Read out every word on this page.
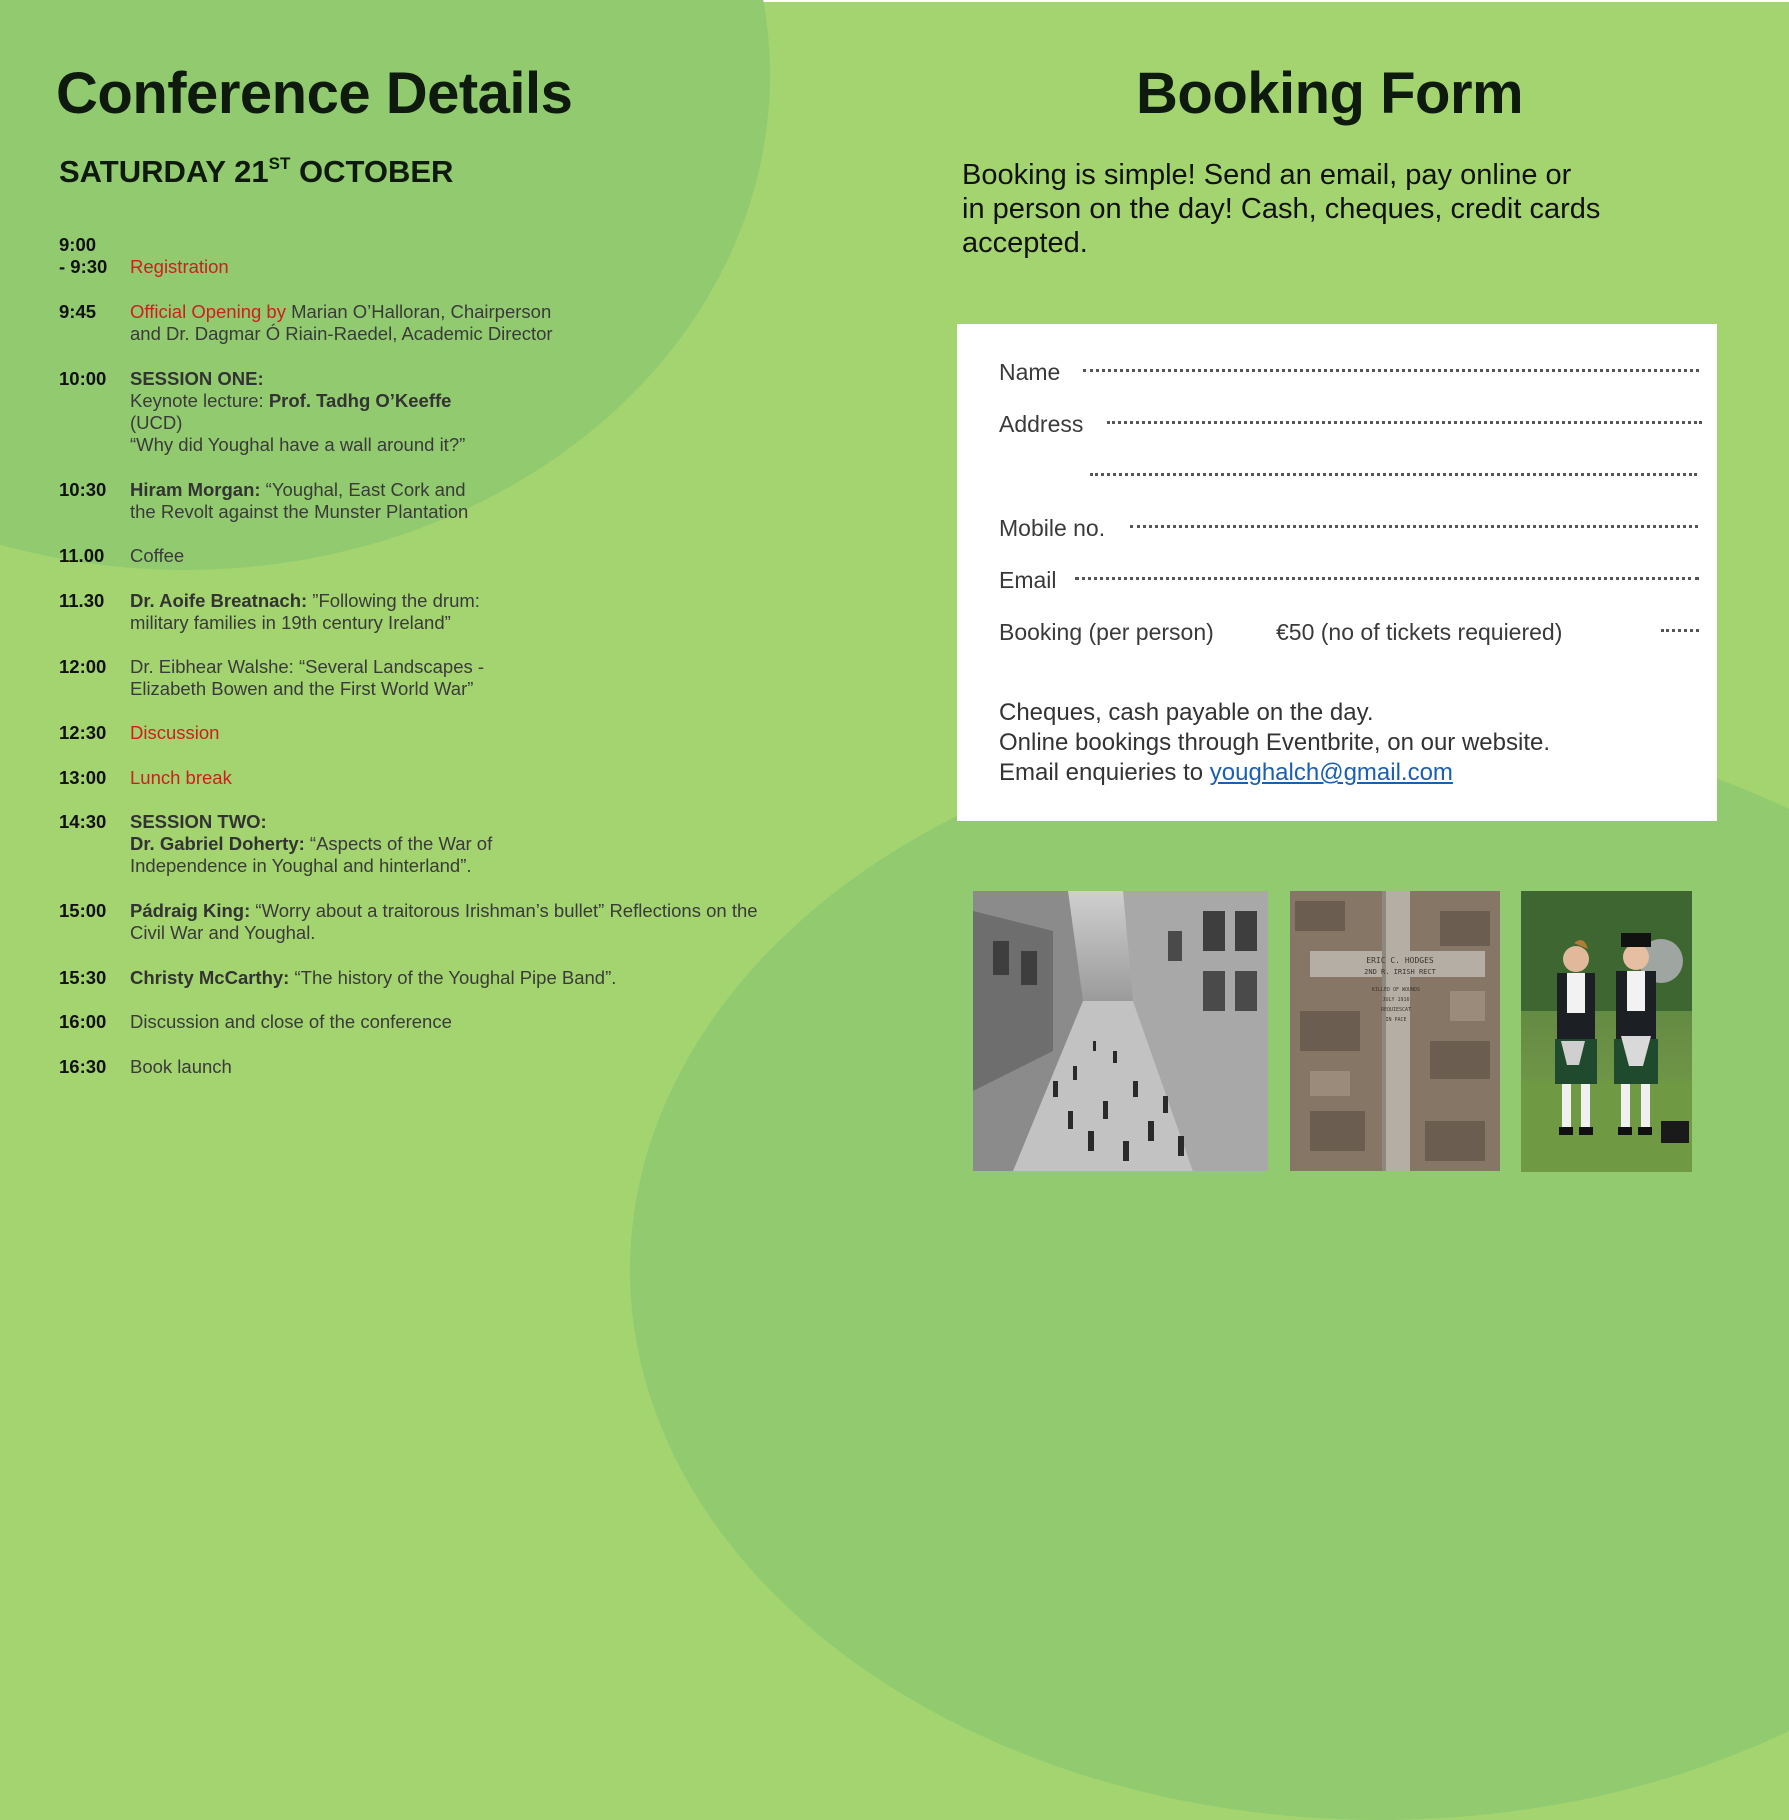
Conference Details
SATURDAY 21ST OCTOBER
9:00
- 9:30	Registration
9:45	Official Opening by Marian O’Halloran, Chairperson
and Dr. Dagmar Ó Riain-Raedel, Academic Director
10:00	SESSION ONE:
Keynote lecture: Prof. Tadhg O’Keeffe
(UCD)
“Why did Youghal have a wall around it?”
10:30	Hiram Morgan: “Youghal, East Cork and
the Revolt against the Munster Plantation
11.00	Coffee
11.30	Dr. Aoife Breatnach: ”Following the drum:
military families in 19th century Ireland”
12:00	Dr. Eibhear Walshe: “Several Landscapes -
Elizabeth Bowen and the First World War”
12:30	Discussion
13:00	Lunch break
14:30	SESSION TWO:
Dr. Gabriel Doherty: “Aspects of the War of
Independence in Youghal and hinterland”.
15:00	Pádraig King: “Worry about a traitorous Irishman’s bullet” Reflections on the
Civil War and Youghal.
15:30	Christy McCarthy: “The history of the Youghal Pipe Band”.
16:00	Discussion and close of the conference
16:30	Book launch
Booking Form
Booking is simple! Send an email, pay online or
in person on the day! Cash, cheques, credit cards
accepted.
Name
Address
Mobile no.
Email
Booking (per person)	€50 (no of tickets requiered)
Cheques, cash payable on the day.
Online bookings through Eventbrite, on our website.
Email enquieries to youghalch@gmail.com
ERIC C. HODGES
2ND R. IRISH RECT
KILLED OF WOUNDS
JULY 1916
REQUIESCAT
IN PACE
